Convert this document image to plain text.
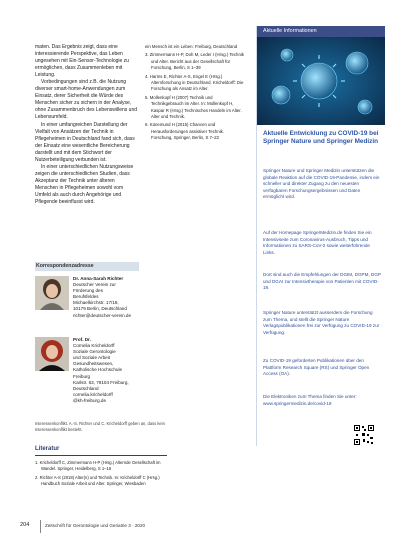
maten. Das Ergebnis zeigt, dass eine interessierende Perspektive, das Leben ungesehen mit Ein-Sensor-Technologie zu ermöglichen, dass Zusammenleben mit Leistung.

Vorbedingungen sind z.B. die Nutzung diverser smart-home-Anwendungen zum Einsatz, derer Sicherheit die Würde des Menschen sicher zu sichern in der Analyse, ohne Zusammenbruch des Lebenswillens und Lebensumfeld.

In einer umfangreichen Darstellung der Vielfalt von Ansätzen der Technik in Pflegeheimen in Deutschland fand sich, dass der Einsatz eine wesentliche Bereicherung darstellt und mit dem Stichwort der Nutzerbeteiligung verbunden ist.

In einer unterschiedlichen Nutzungsweise zeigen die unterschiedlichen Studien, dass Akzeptanz der Technik unter älteren Menschen in Pflegeheimen sowohl vom Umfeld als auch durch Angehörige und Pflegende beeinflusst wird.

Korrespondenzadresse
Dr. Anna-Sarah Richter
Deutscher Verein zur
Förderung des
Berufsfeldes
Michaelkirchstr. 17/18,
10179 Berlin, Deutschland
richter@deutscher-verein.de
Prof. Dr.
Cornelia Kricheldorff
Soziale Gerontologie
und Soziale Arbeit
Gesundheitswesen,
Katholische Hochschule
Freiburg
Karlstr. 63, 79104 Freiburg,
Deutschland
cornelia.kricheldorff
@kh-freiburg.de
Interessenkonflikt. A.-S. Richter und C. Kricheldorff geben an, dass kein Interessenkonflikt besteht.
Literatur
1. Kricheldorff C, Zimmermann H-P (Hrsg.) Alternde Gesellschaft im Wandel. Springer, Heidelberg, S 1–16
2. Richter A-S (2018) Alter(n) und Technik. In: Kricheldorff C (Hrsg.) Handbuch Soziale Arbeit und Alter. Springer, Wiesbaden
ein Mensch ist ein Leben: Freiburg, Deutschland
3. Zimmermann H-P, Doh M, Leder I (Hrsg.) Technik und Alter. Bericht aus der Gesellschaft für Forschung, Berlin, S 1–39
4. Harms E, Richter A-S, Engel E (Hrsg.) Altersforschung in Deutschland. Kricheldorff: Die Forschung als Ansatz im Alter.
5. Mollenkopf H (2007) Technik und Technikgebrauch im Alter. In: Mollenkopf H, Kaspar R (Hrsg.) Technisches Handeln im Alter. Alter und Technik.
6. Künemund H (2015) Chancen und Herausforderungen assistiver Technik. Forschung, Springer, Berlin, S 7–22
Aktuelle Informationen
Aktuelle Entwicklung zu COVID-19 bei Springer Nature und Springer Medizin
Springer Nature und Springer Medizin unterstützen die globale Reaktion auf die COVID-19-Pandemie, indem ein schneller und direkter Zugang zu den neuesten verfügbaren Forschungsergebnissen und Daten ermöglicht wird.
Auf der Homepage SpringerMedizin.de finden Sie ein Intensivseite zum Coronavirus-Ausbruch, Tipps und Informationen zu SARS-CoV-2 sowie weiterführende Links.
Dort sind auch die Empfehlungen der DGIM, DGPM, DGP und DGAI zur Intensivtherapie von Patienten mit COVID-19.
Springer Nature unterstützt ausserdem die Forschung zum Thema, und stellt die Springer Nature Verlagspublikationen frei zur Verfügung zu COVID-19 zur Verfügung.
Zu COVID-19 geforderten Publikationen über den Plattform Research Square (RS) und Springer Open Access (OA).
Die Elektroniken zum Thema finden Sie unter: www.springermedizin.de/covid-19
204	Zeitschrift für Gerontologie und Geriatrie 3 · 2020
